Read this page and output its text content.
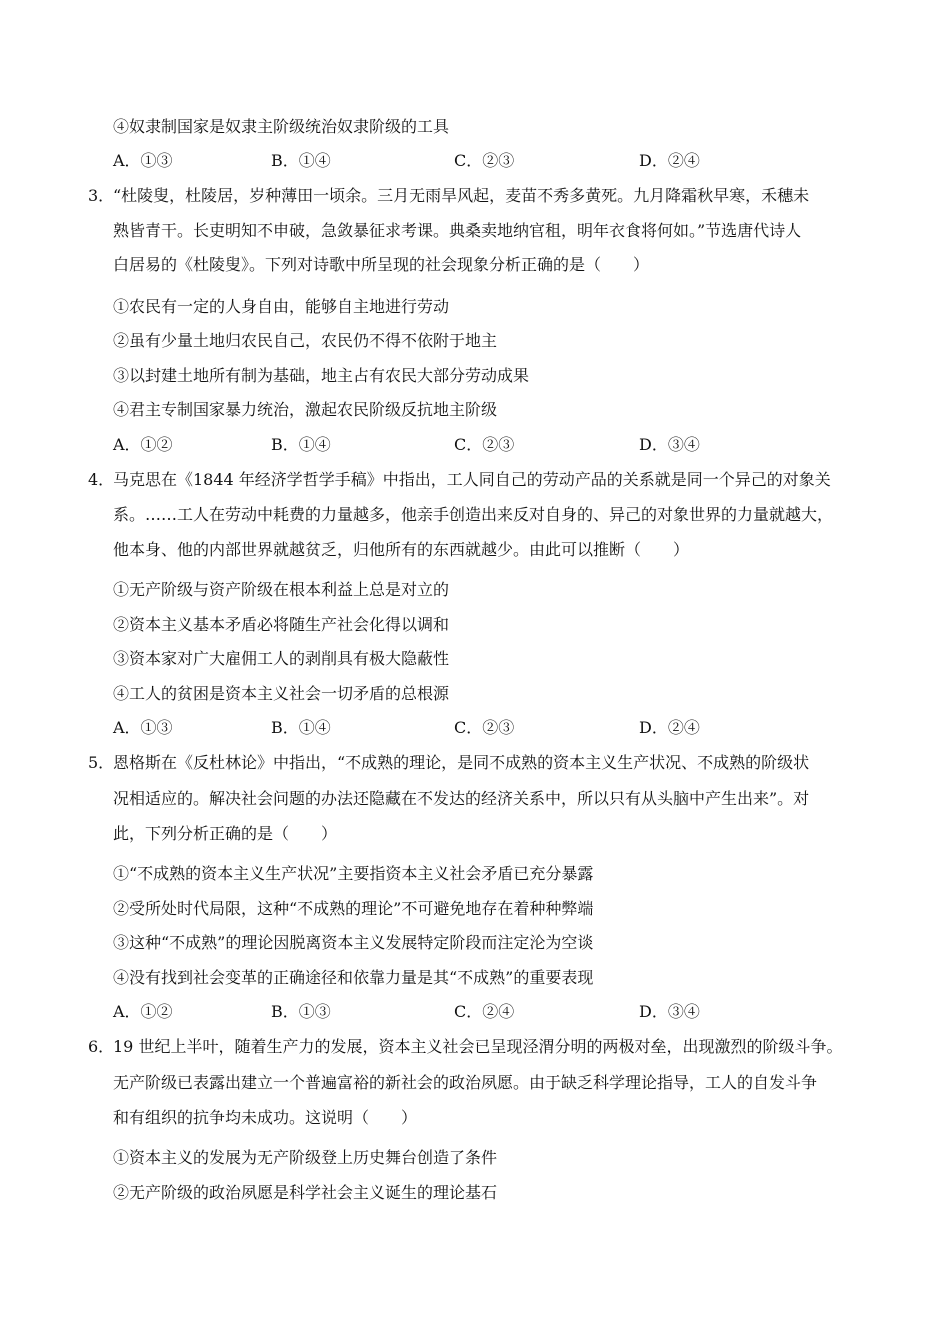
④奴隶制国家是奴隶主阶级统治奴隶阶级的工具
A．①③	B．①④	C．②③	D．②④
3．
“杜陵叟，杜陵居，岁种薄田一顷余。三月无雨旱风起，麦苗不秀多黄死。九月降霜秋早寒，禾穗未
熟皆青干。长吏明知不申破，急敛暴征求考课。典桑卖地纳官租，明年衣食将何如。”节选唐代诗人
白居易的《杜陵叟》。下列对诗歌中所呈现的社会现象分析正确的是（　　）
①农民有一定的人身自由，能够自主地进行劳动
②虽有少量土地归农民自己，农民仍不得不依附于地主
③以封建土地所有制为基础，地主占有农民大部分劳动成果
④君主专制国家暴力统治，激起农民阶级反抗地主阶级
A．①②	B．①④	C．②③	D．③④
4．
马克思在《1844 年经济学哲学手稿》中指出，工人同自己的劳动产品的关系就是同一个异己的对象关
系。……工人在劳动中耗费的力量越多，他亲手创造出来反对自身的、异己的对象世界的力量就越大，
他本身、他的内部世界就越贫乏，归他所有的东西就越少。由此可以推断（　　）
①无产阶级与资产阶级在根本利益上总是对立的
②资本主义基本矛盾必将随生产社会化得以调和
③资本家对广大雇佣工人的剥削具有极大隐蔽性
④工人的贫困是资本主义社会一切矛盾的总根源
A．①③	B．①④	C．②③	D．②④
5．
恩格斯在《反杜林论》中指出，“不成熟的理论，是同不成熟的资本主义生产状况、不成熟的阶级状
况相适应的。解决社会问题的办法还隐藏在不发达的经济关系中，所以只有从头脑中产生出来”。对
此，下列分析正确的是（　　）
①“不成熟的资本主义生产状况”主要指资本主义社会矛盾已充分暴露
②受所处时代局限，这种“不成熟的理论”不可避免地存在着种种弊端
③这种“不成熟”的理论因脱离资本主义发展特定阶段而注定沦为空谈
④没有找到社会变革的正确途径和依靠力量是其“不成熟”的重要表现
A．①②	B．①③	C．②④	D．③④
6．
19 世纪上半叶，随着生产力的发展，资本主义社会已呈现泾渭分明的两极对垒，出现激烈的阶级斗争。
无产阶级已表露出建立一个普遍富裕的新社会的政治夙愿。由于缺乏科学理论指导，工人的自发斗争
和有组织的抗争均未成功。这说明（　　）
①资本主义的发展为无产阶级登上历史舞台创造了条件
②无产阶级的政治夙愿是科学社会主义诞生的理论基石
